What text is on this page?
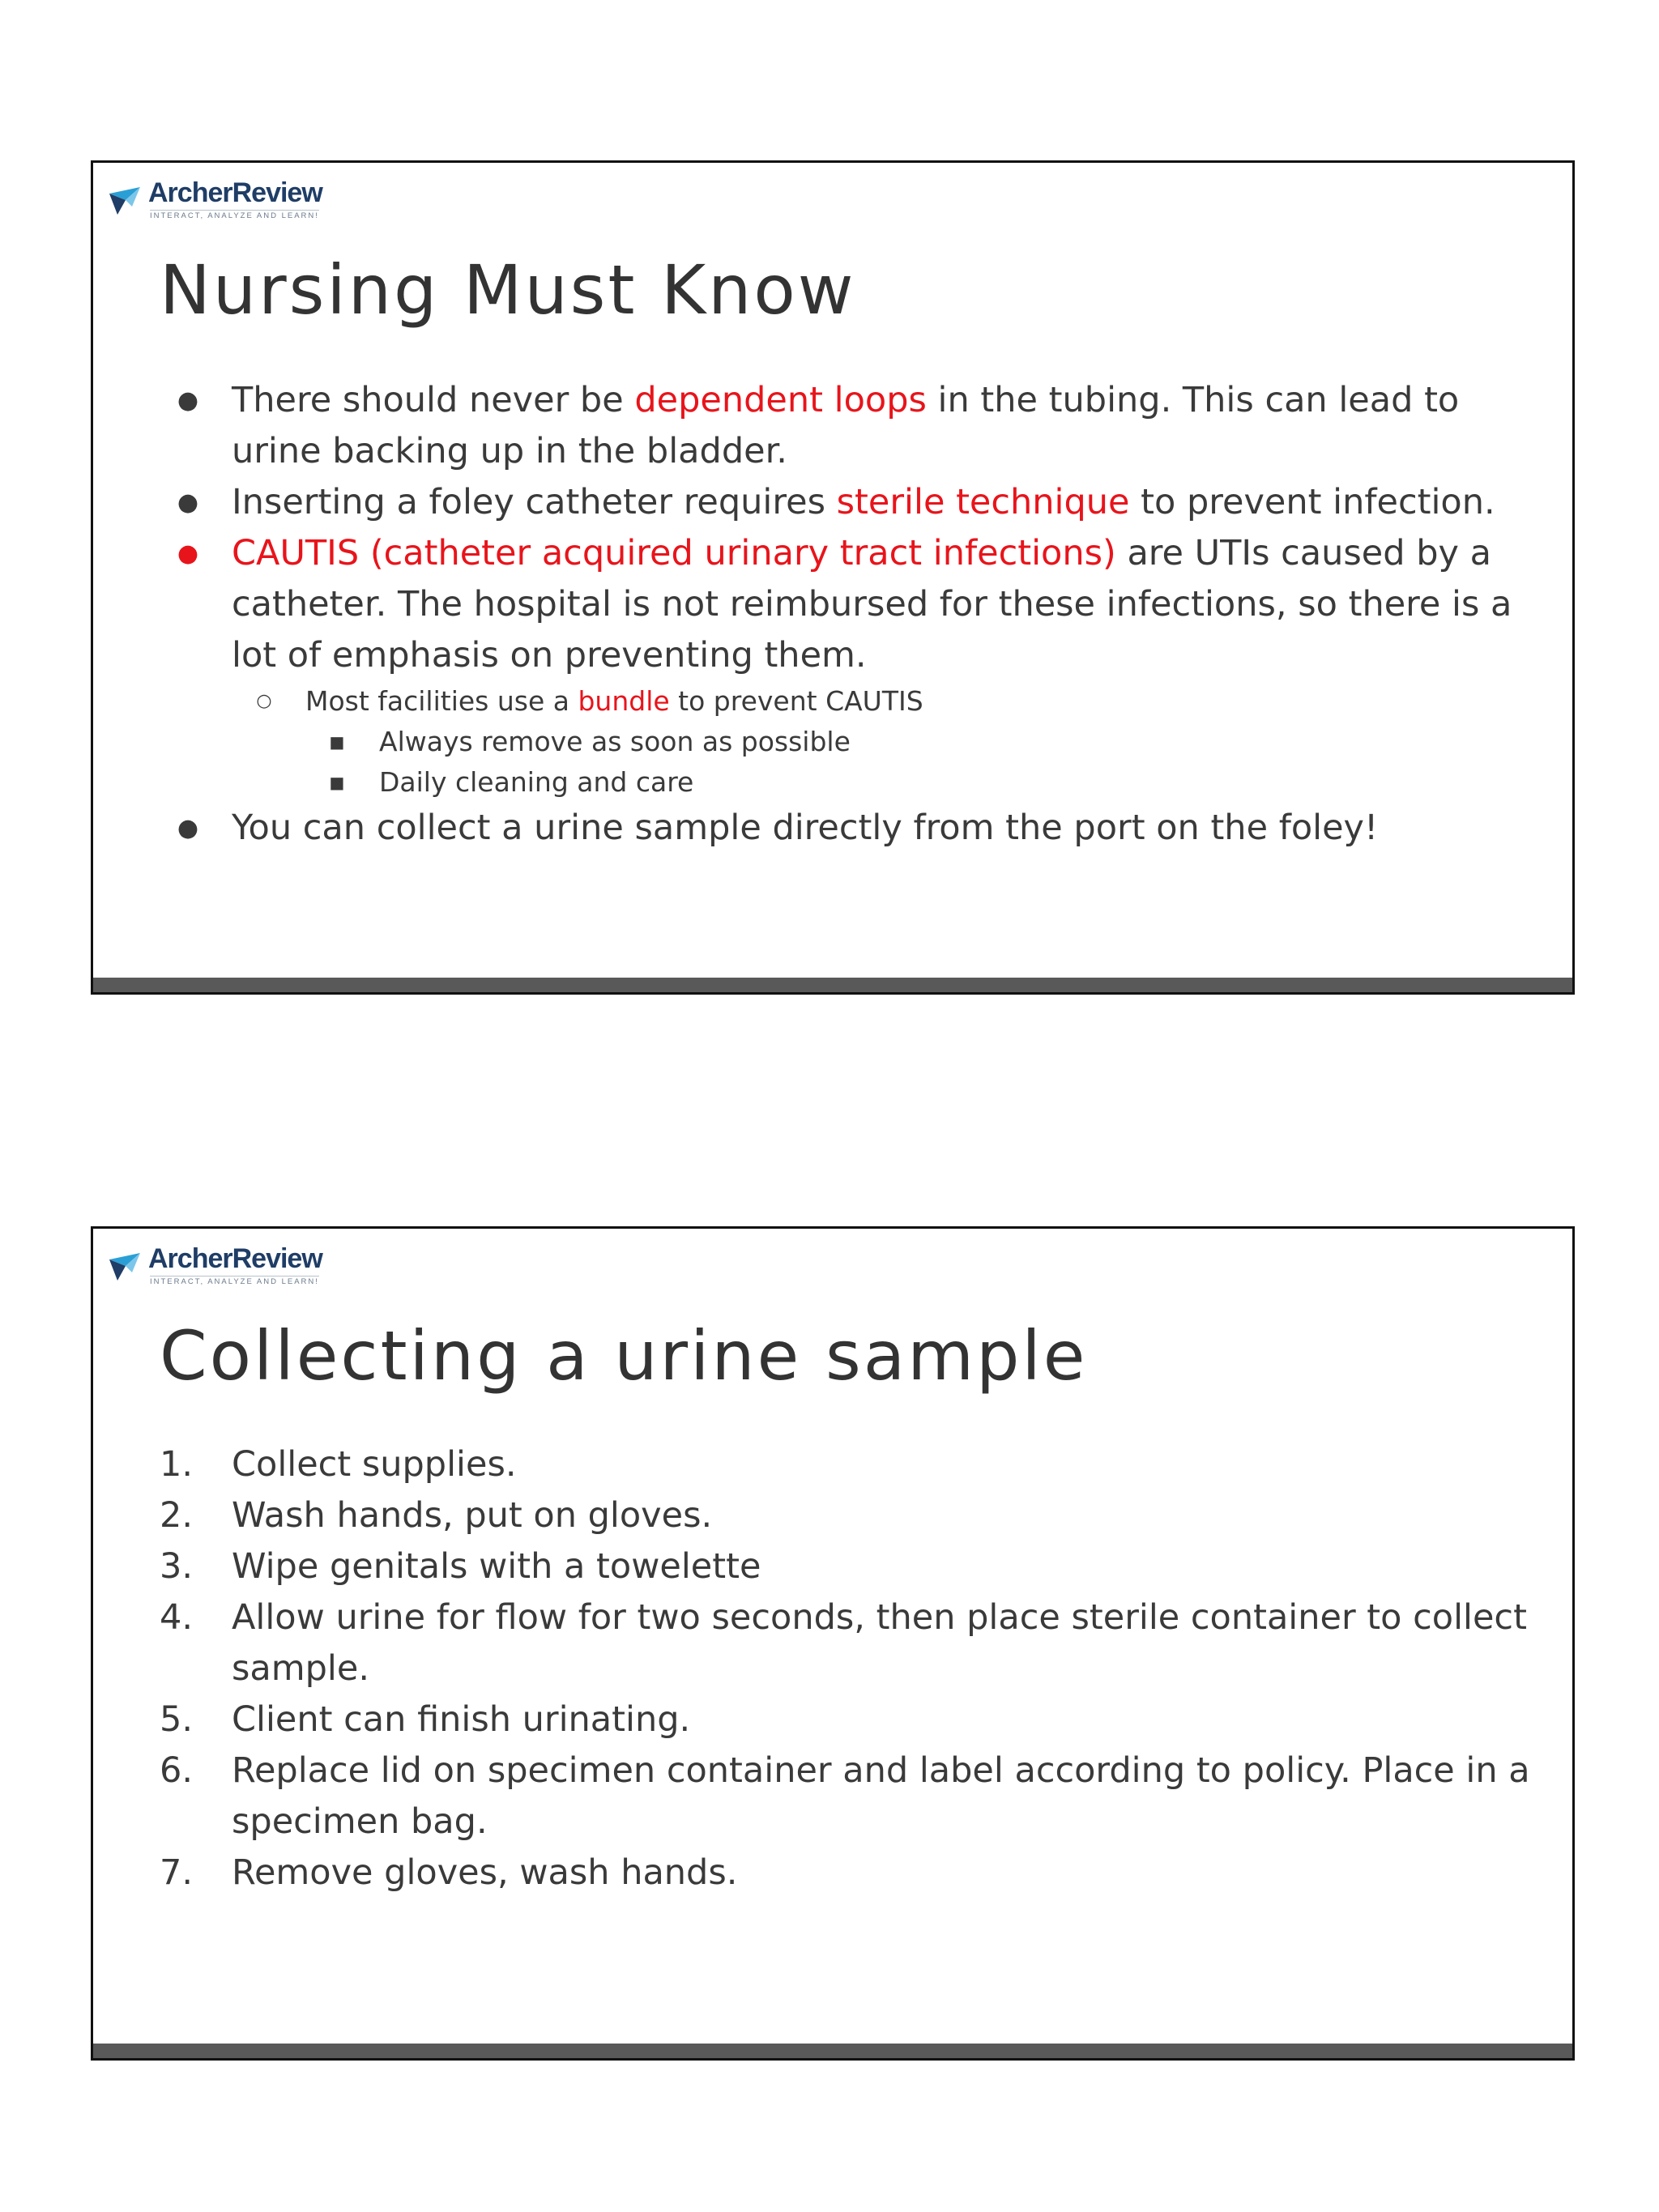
ArcherReview
INTERACT, ANALYZE AND LEARN!
Nursing Must Know
● There should never be dependent loops in the tubing. This can lead to urine backing up in the bladder.
● Inserting a foley catheter requires sterile technique to prevent infection.
● CAUTIS (catheter acquired urinary tract infections) are UTIs caused by a catheter. The hospital is not reimbursed for these infections, so there is a lot of emphasis on preventing them.
○ Most facilities use a bundle to prevent CAUTIS
■ Always remove as soon as possible
■ Daily cleaning and care
● You can collect a urine sample directly from the port on the foley!
ArcherReview
INTERACT, ANALYZE AND LEARN!
Collecting a urine sample
1.	Collect supplies.
2.	Wash hands, put on gloves.
3.	Wipe genitals with a towelette
4.	Allow urine for flow for two seconds, then place sterile container to collect sample.
5.	Client can finish urinating.
6.	Replace lid on specimen container and label according to policy. Place in a specimen bag.
7.	Remove gloves, wash hands.
